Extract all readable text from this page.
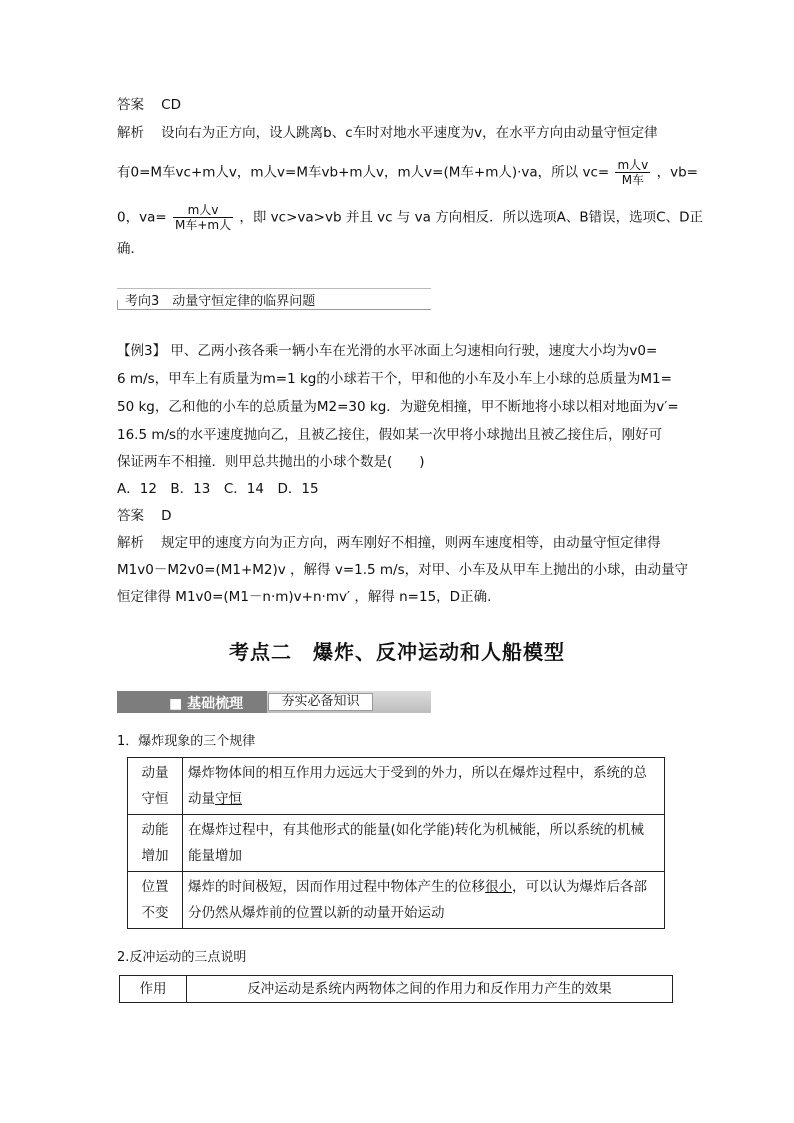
答案 CD
解析 设向右为正方向，设人跳离b、c车时对地水平速度为v，在水平方向由动量守恒定律
有0=M车vc+m人v，m人v=M车vb+m人v，m人v=(M车+m人)·va，所以 $vc= \frac{\text{m人v}}{\text{M车}}$ ，vb=
0，$va= \frac{\text{m人v}}{\text{M车+m人}}$ ，即 vc>va>vb 并且 vc 与 va 方向相反．所以选项A、B错误，选项C、D正
确．
考向3　动量守恒定律的临界问题
【例3】 甲、乙两小孩各乘一辆小车在光滑的水平冰面上匀速相向行驶，速度大小均为v0=
6 m/s，甲车上有质量为m=1 kg的小球若干个，甲和他的小车及小车上小球的总质量为M1=
50 kg，乙和他的小车的总质量为M2=30 kg．为避免相撞，甲不断地将小球以相对地面为v′=
16.5 m/s的水平速度抛向乙，且被乙接住，假如某一次甲将小球抛出且被乙接住后，刚好可
保证两车不相撞．则甲总共抛出的小球个数是(　　)
A．12　B．13　C．14　D．15
答案 D
解析 规定甲的速度方向为正方向，两车刚好不相撞，则两车速度相等，由动量守恒定律得
M1v0－M2v0=(M1+M2)v ，解得 v=1.5 m/s，对甲、小车及从甲车上抛出的小球，由动量守
恒定律得 M1v0=(M1－n·m)v+n·mv′ ，解得 n=15，D正确.
考点二　爆炸、反冲运动和人船模型
■ 基础梳理	夯实必备知识
1．爆炸现象的三个规律
动量
守恒	爆炸物体间的相互作用力远远大于受到的外力，所以在爆炸过程中，系统的总
动量守恒
动能
增加	在爆炸过程中，有其他形式的能量(如化学能)转化为机械能，所以系统的机械
能量增加
位置
不变	爆炸的时间极短，因而作用过程中物体产生的位移很小，可以认为爆炸后各部
分仍然从爆炸前的位置以新的动量开始运动
2.反冲运动的三点说明
作用	反冲运动是系统内两物体之间的作用力和反作用力产生的效果
